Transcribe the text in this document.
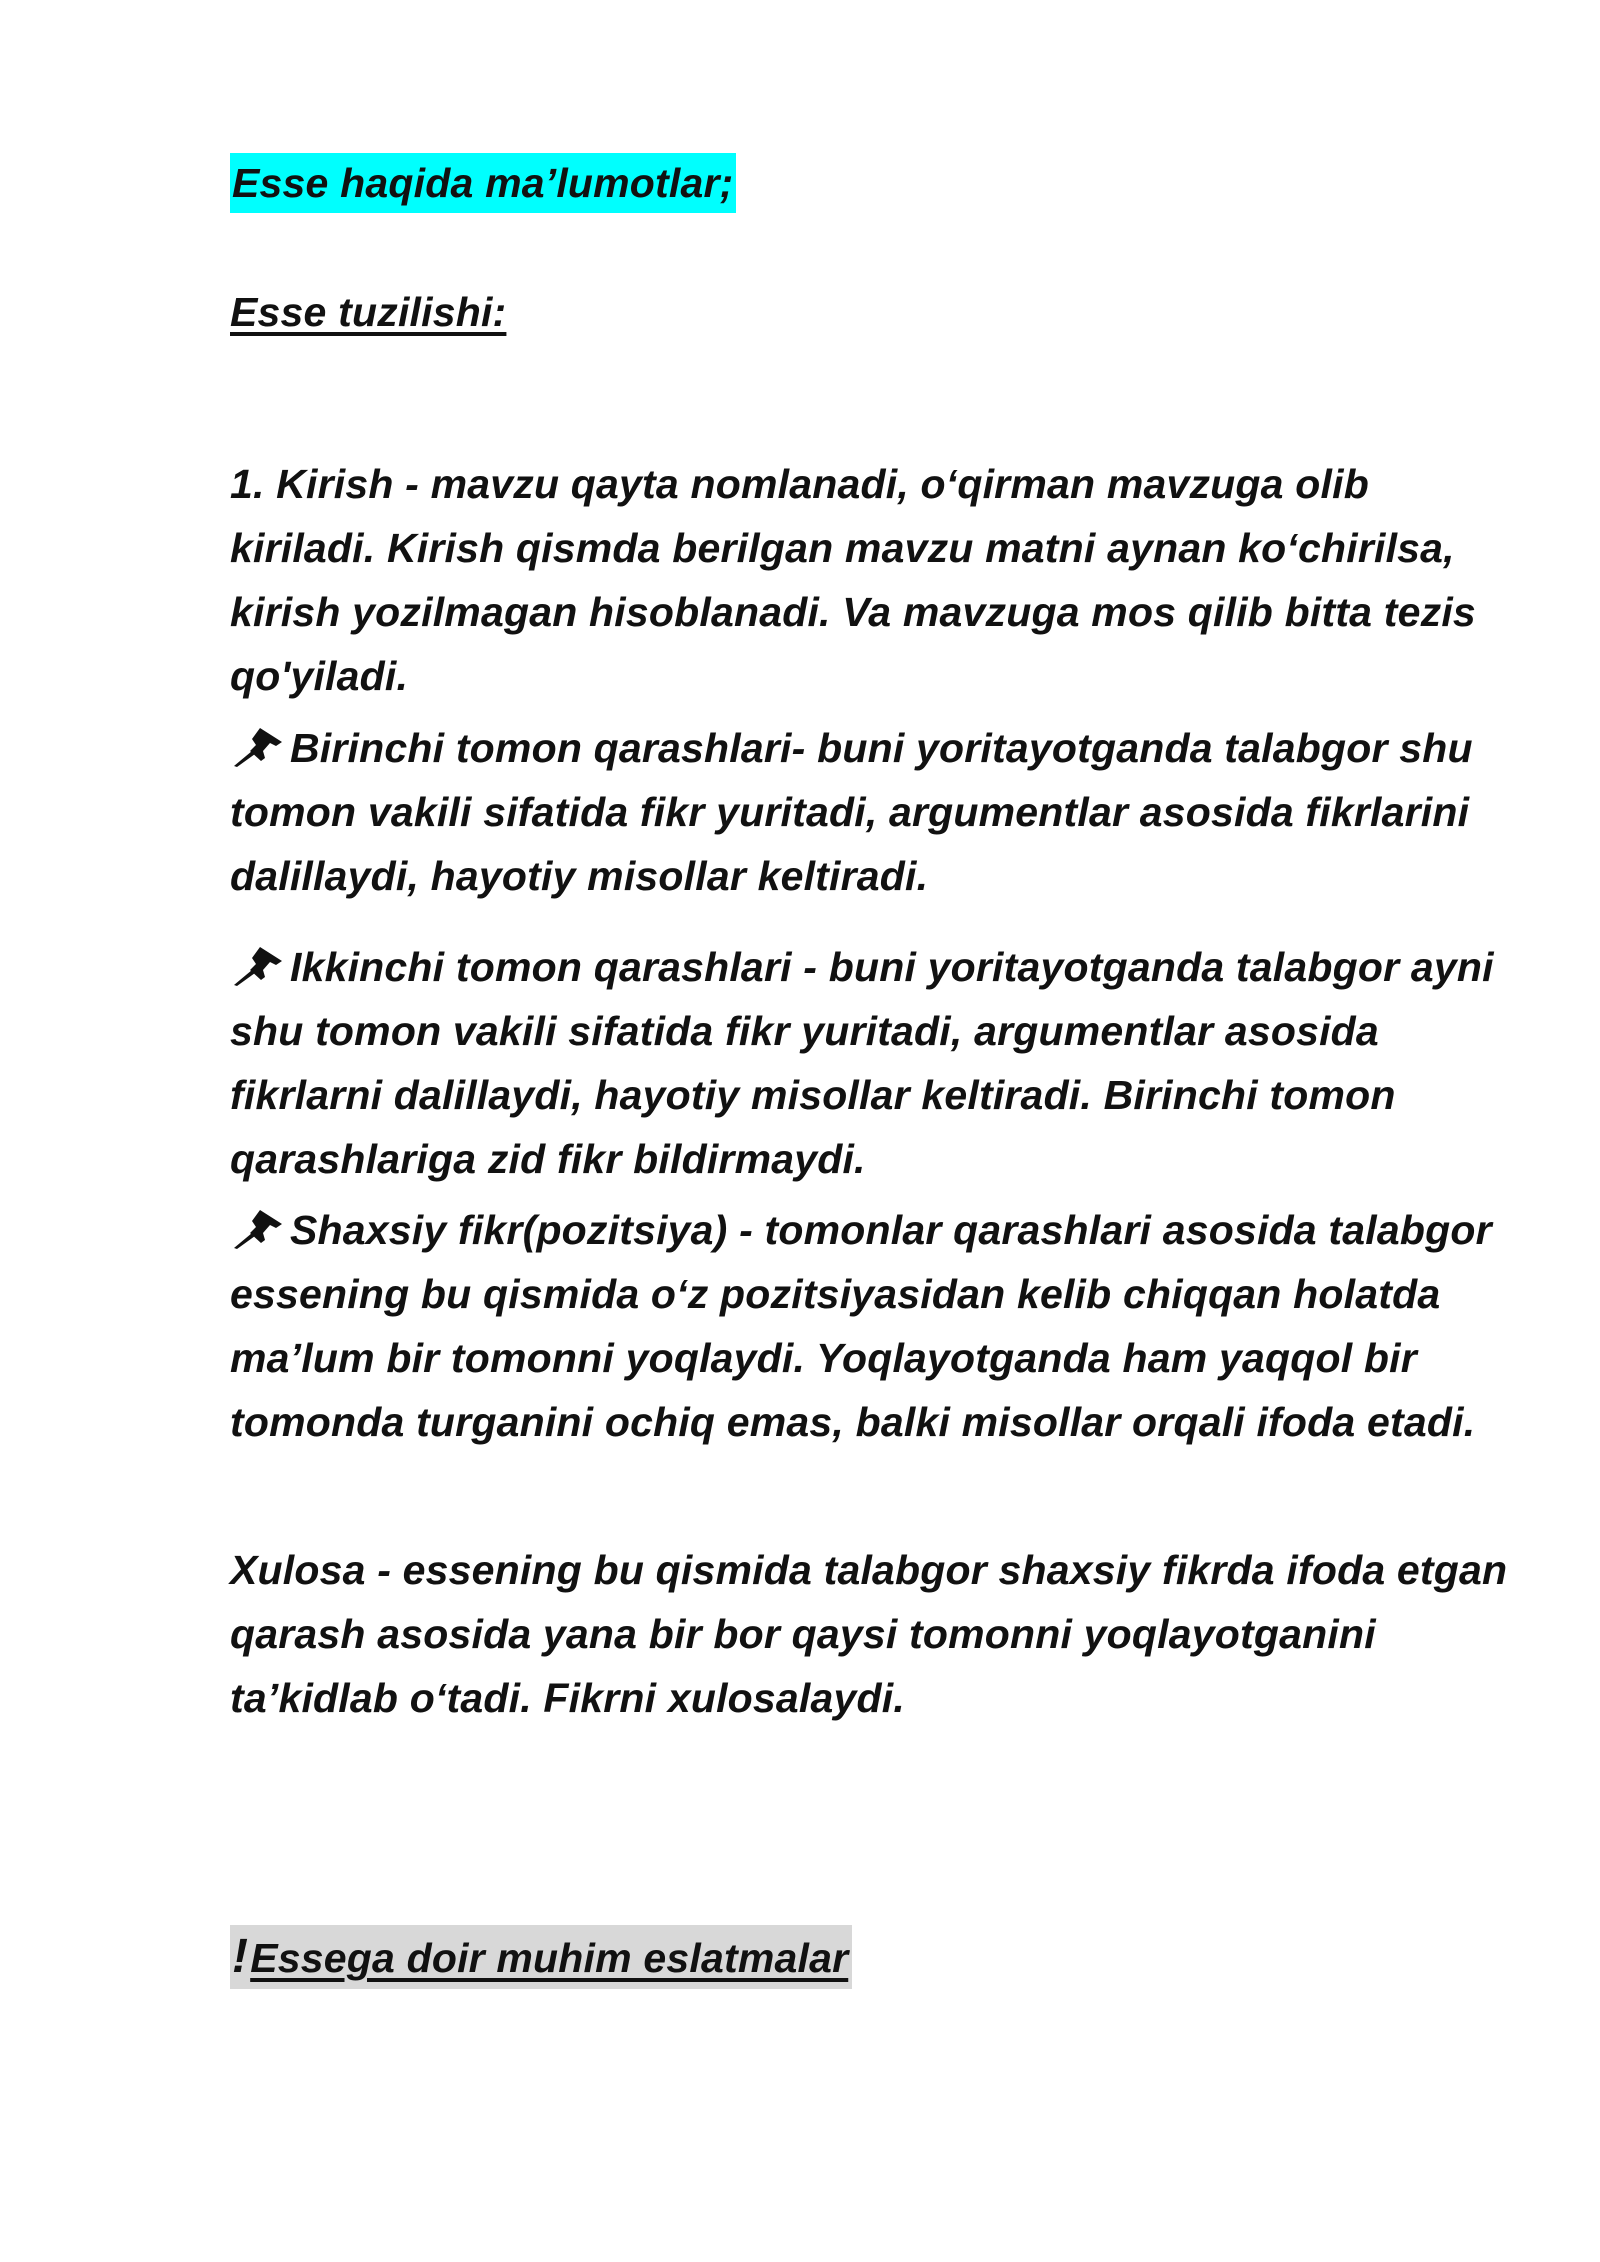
Esse haqida ma’lumotlar;
Esse tuzilishi:

1. Kirish - mavzu qayta nomlanadi, o‘qirman mavzuga olib kiriladi. Kirish qismda berilgan mavzu matni aynan ko‘chirilsa, kirish yozilmagan hisoblanadi. Va mavzuga mos qilib bitta tezis qo'yiladi.

Birinchi tomon qarashlari- buni yoritayotganda talabgor shu tomon vakili sifatida fikr yuritadi, argumentlar asosida fikrlarini dalillaydi, hayotiy misollar keltiradi.

Ikkinchi tomon qarashlari - buni yoritayotganda talabgor ayni shu tomon vakili sifatida fikr yuritadi, argumentlar asosida fikrlarni dalillaydi, hayotiy misollar keltiradi. Birinchi tomon qarashlariga zid fikr bildirmaydi.

Shaxsiy fikr(pozitsiya) - tomonlar qarashlari asosida talabgor essening bu qismida o‘z pozitsiyasidan kelib chiqqan holatda ma’lum bir tomonni yoqlaydi. Yoqlayotganda ham yaqqol bir tomonda turganini ochiq emas, balki misollar orqali ifoda etadi.

Xulosa - essening bu qismida talabgor shaxsiy fikrda ifoda etgan qarash asosida yana bir bor qaysi tomonni yoqlayotganini ta’kidlab o‘tadi. Fikrni xulosalaydi.

!Essega doir muhim eslatmalar
